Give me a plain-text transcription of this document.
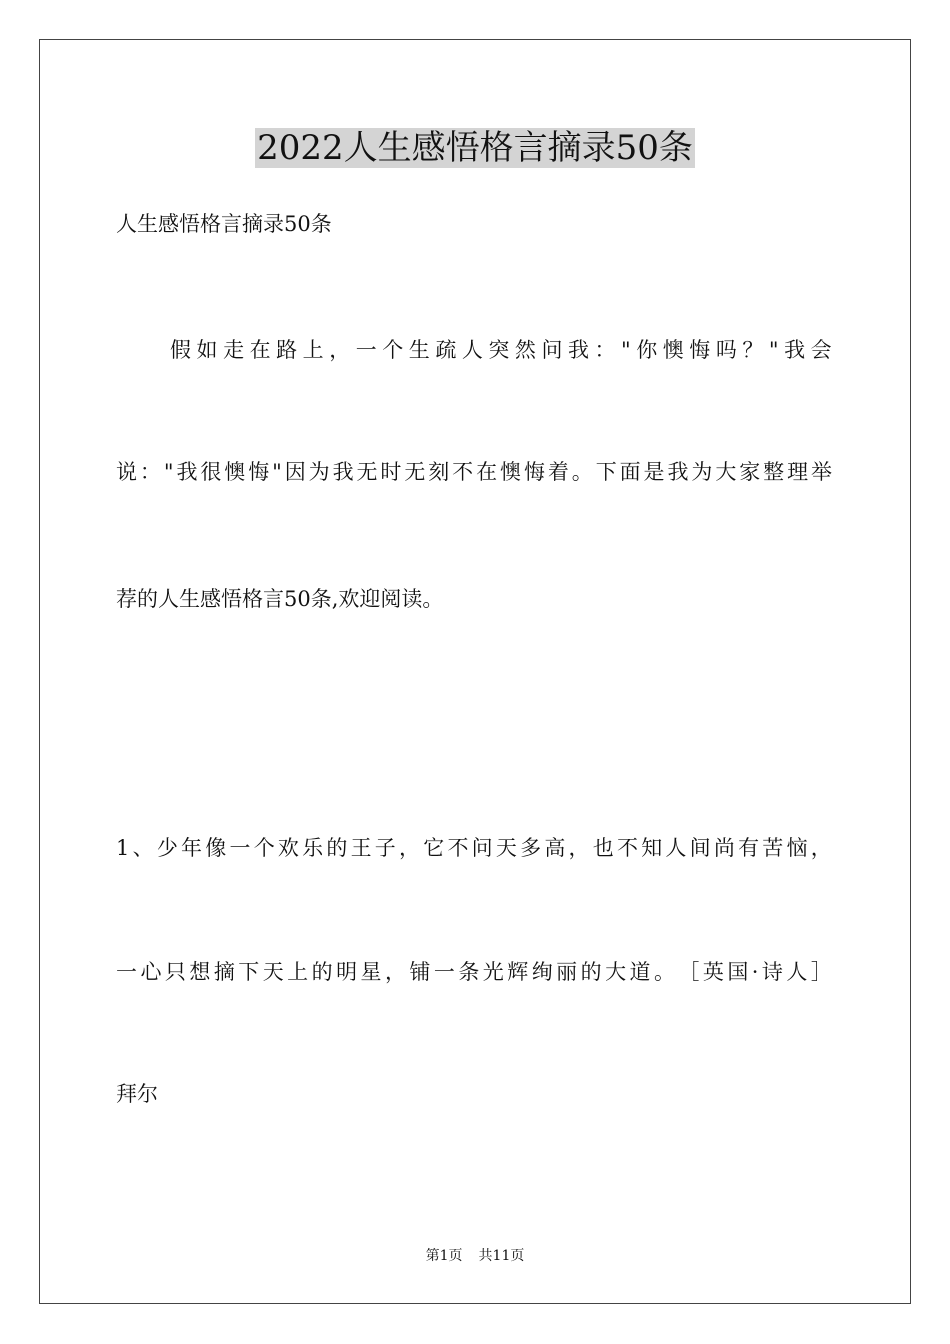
2022人生感悟格言摘录50条

人生感悟格言摘录50条

假 如 走 在 路 上 ， 一 个 生 疏 人 突 然 问 我 ： " 你 懊 悔 吗 ？ " 我 会

说 ： " 我 很 懊 悔 " 因 为 我 无 时 无 刻 不 在 懊 悔 着 。 下 面 是 我 为 大 家 整 理 举

荐的人生感悟格言50条,欢迎阅读。

1 、 少 年 像 一 个 欢 乐 的 王 子 ， 它 不 问 天 多 高 ， 也 不 知 人 间 尚 有 苦 恼 ，

一 心 只 想 摘 下 天 上 的 明 星 ， 铺 一 条 光 辉 绚 丽 的 大 道 。 ［ 英 国 · 诗 人 ］

拜尔

第1页 共11页
